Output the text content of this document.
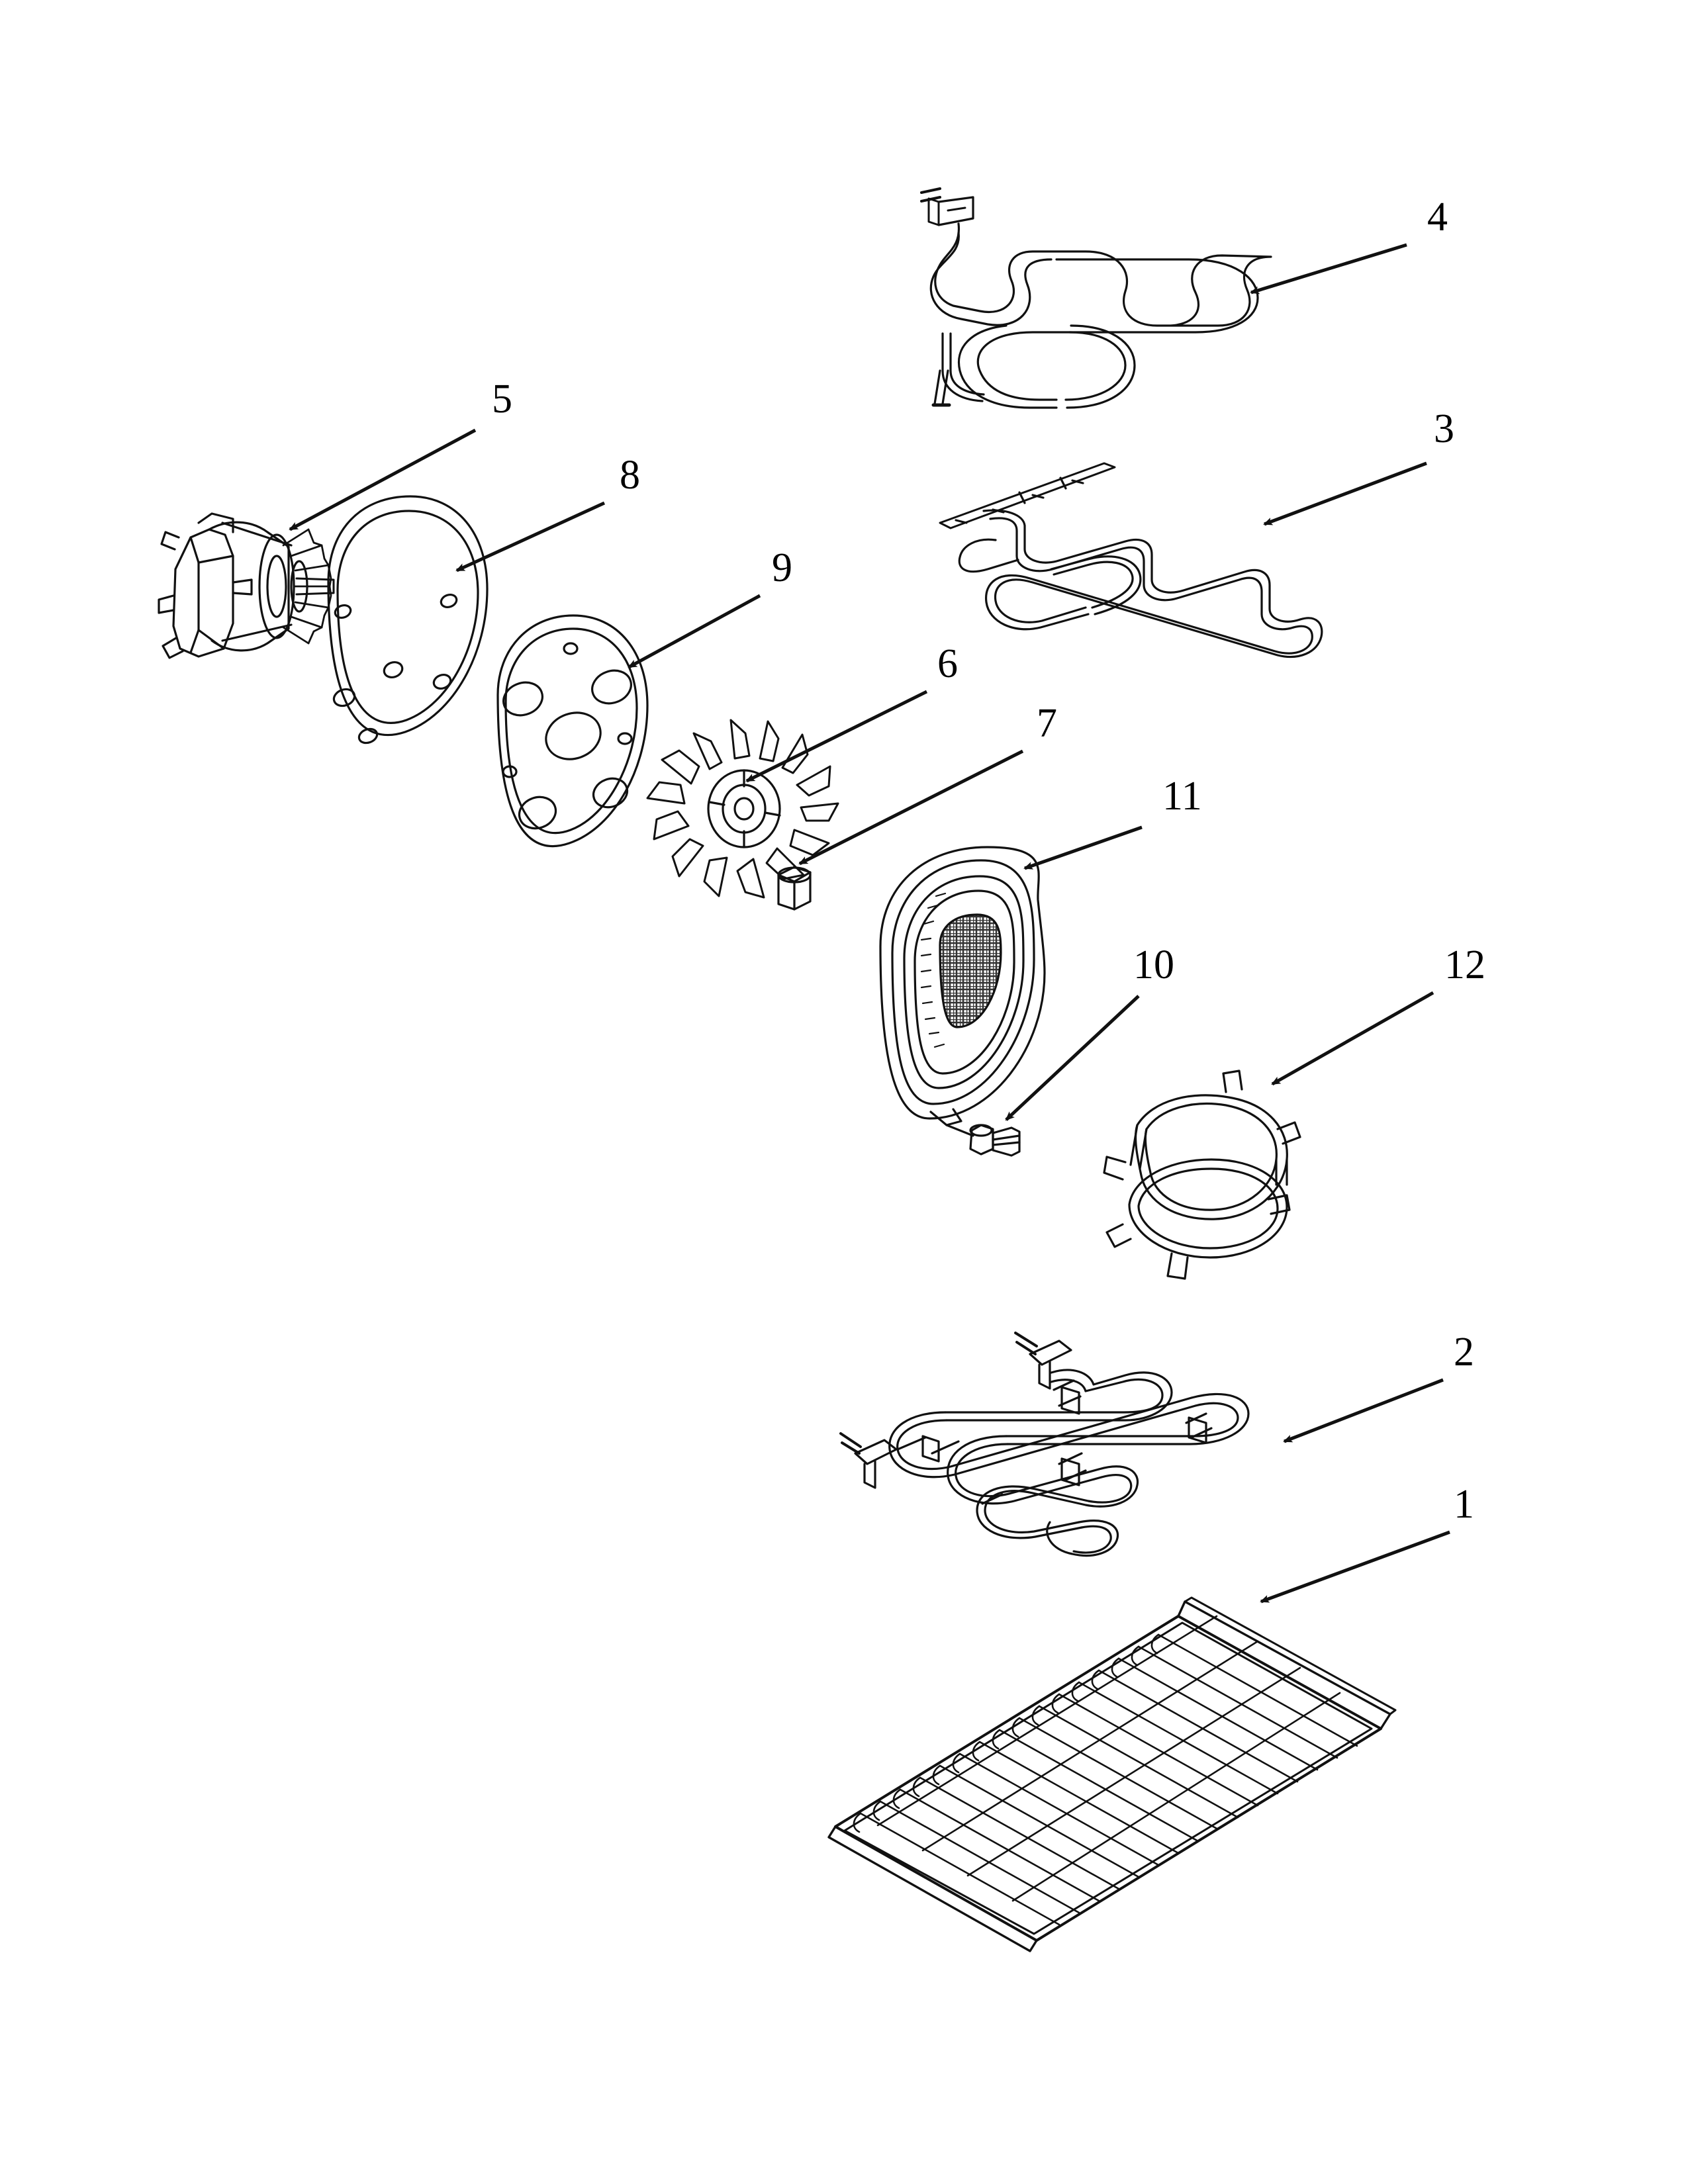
1
2
3
4
5
6
7
8
9
10
11
12
